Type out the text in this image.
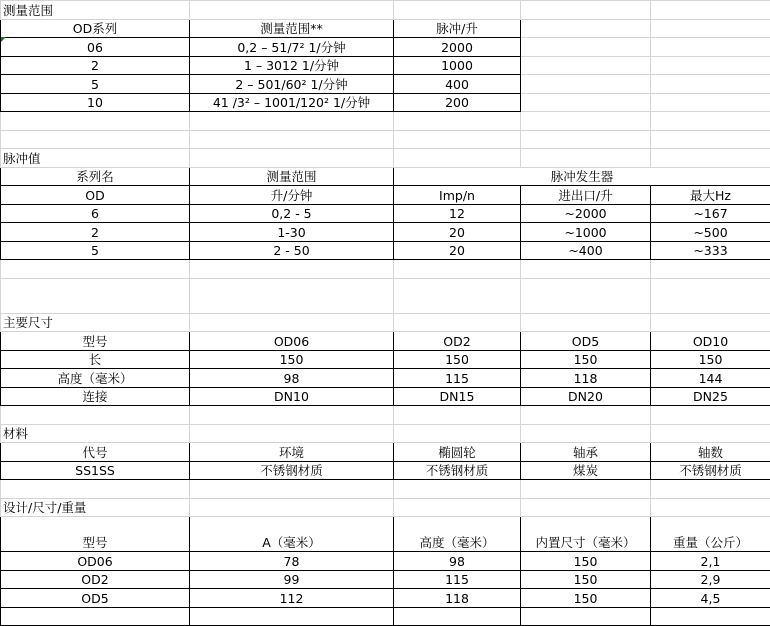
测量范围				
OD系列	测量范围**	脉冲/升		
06	0,2 – 51/7² 1/分钟	2000		
2	1 – 3012 1/分钟	1000		
5	2 – 501/60² 1/分钟	400		
10	41 /3² – 1001/120² 1/分钟	200		

脉冲值				
系列名	测量范围	脉冲发生器		
OD	升/分钟	Imp/n	进出口/升	最大Hz
6	0,2 - 5	12	~2000	~167
2	1-30	20	~1000	~500
5	2 - 50	20	~400	~333

主要尺寸				
型号	OD06	OD2	OD5	OD10
长	150	150	150	150
高度（毫米）	98	115	118	144
连接	DN10	DN15	DN20	DN25

材料				
代号	环境	椭圆轮	轴承	轴数
SS1SS	不锈钢材质	不锈钢材质	煤炭	不锈钢材质

设计/尺寸/重量				
型号	A（毫米）	高度（毫米）	内置尺寸（毫米）	重量（公斤）
OD06	78	98	150	2,1
OD2	99	115	150	2,9
OD5	112	118	150	4,5
